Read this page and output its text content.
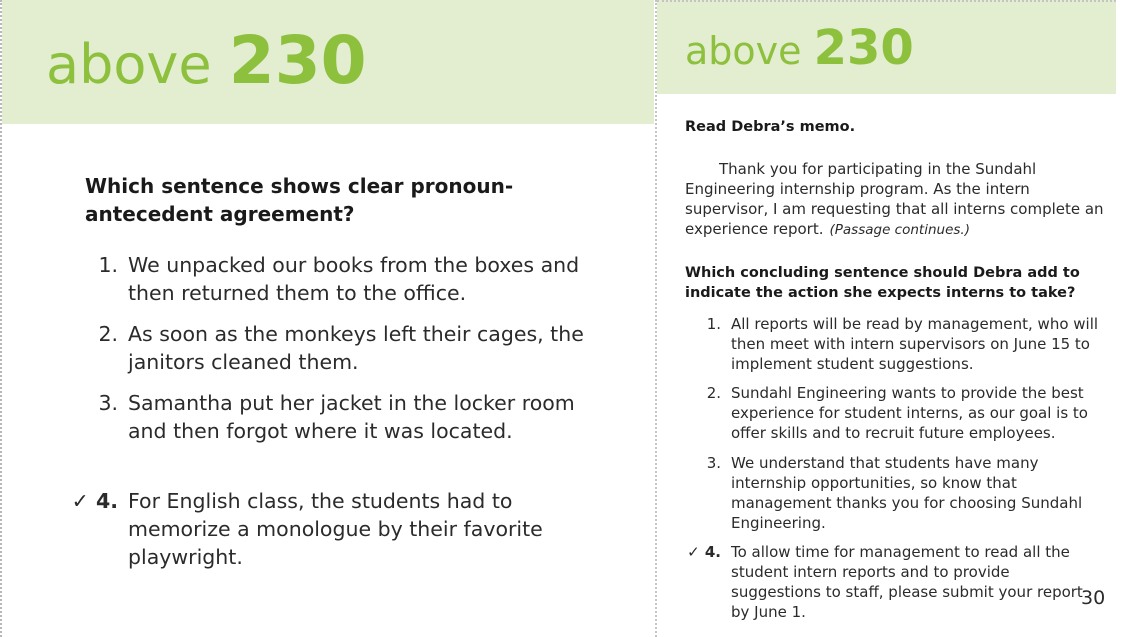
above 230
Which sentence shows clear pronoun-antecedent agreement?
1. We unpacked our books from the boxes and then returned them to the office.
2. As soon as the monkeys left their cages, the janitors cleaned them.
3. Samantha put her jacket in the locker room and then forgot where it was located.
✓ 4. For English class, the students had to memorize a monologue by their favorite playwright.
above 230
Read Debra’s memo.
Thank you for participating in the Sundahl Engineering internship program. As the intern supervisor, I am requesting that all interns complete an experience report. (Passage continues.)
Which concluding sentence should Debra add to indicate the action she expects interns to take?
1. All reports will be read by management, who will then meet with intern supervisors on June 15 to implement student suggestions.
2. Sundahl Engineering wants to provide the best experience for student interns, as our goal is to offer skills and to recruit future employees.
3. We understand that students have many internship opportunities, so know that management thanks you for choosing Sundahl Engineering.
✓ 4. To allow time for management to read all the student intern reports and to provide suggestions to staff, please submit your report by June 1.
30
